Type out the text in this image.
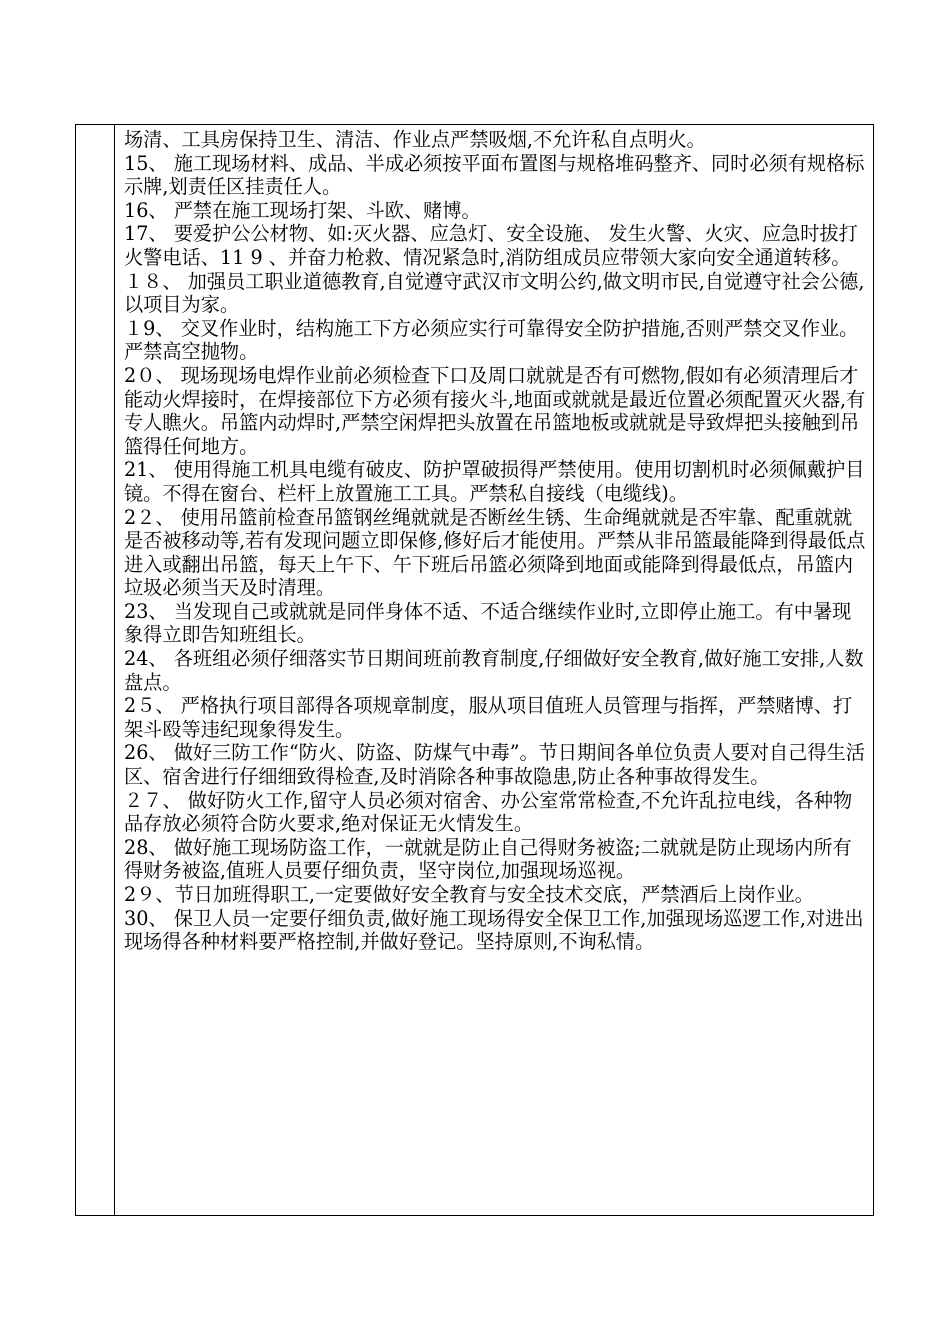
场清、工具房保持卫生、清洁、作业点严禁吸烟,不允许私自点明火。

15、 施工现场材料、成品、半成必须按平面布置图与规格堆码整齐、同时必须有规格标示牌,划责任区挂责任人。

16、 严禁在施工现场打架、斗欧、赌博。

17、 要爱护公公材物、如:灭火器、应急灯、安全设施、 发生火警、火灾、应急时拔打火警电话、11 9 、并奋力枪救、情况紧急时,消防组成员应带领大家向安全通道转移。

１８、 加强员工职业道德教育,自觉遵守武汉市文明公约,做文明市民,自觉遵守社会公德,以项目为家。

１9、 交叉作业时，结构施工下方必须应实行可靠得安全防护措施,否则严禁交叉作业。严禁高空抛物。

2０、 现场现场电焊作业前必须检查下口及周口就就是否有可燃物,假如有必须清理后才能动火焊接时，在焊接部位下方必须有接火斗,地面或就就是最近位置必须配置灭火器,有专人瞧火。吊篮内动焊时,严禁空闲焊把头放置在吊篮地板或就就是导致焊把头接触到吊篮得任何地方。

21、 使用得施工机具电缆有破皮、防护罩破损得严禁使用。使用切割机时必须佩戴护目镜。不得在窗台、栏杆上放置施工工具。严禁私自接线（电缆线)。

2２、 使用吊篮前检查吊篮钢丝绳就就是否断丝生锈、生命绳就就是否牢靠、配重就就是否被移动等,若有发现问题立即保修,修好后才能使用。严禁从非吊篮最能降到得最低点进入或翻出吊篮，每天上午下、午下班后吊篮必须降到地面或能降到得最低点，吊篮内垃圾必须当天及时清理。

23、 当发现自己或就就是同伴身体不适、不适合继续作业时,立即停止施工。有中暑现象得立即告知班组长。

24、 各班组必须仔细落实节日期间班前教育制度,仔细做好安全教育,做好施工安排,人数盘点。

2５、 严格执行项目部得各项规章制度，服从项目值班人员管理与指挥，严禁赌博、打架斗殴等违纪现象得发生。

26、 做好三防工作“防火、防盗、防煤气中毒”。节日期间各单位负责人要对自己得生活区、宿舍进行仔细细致得检查,及时消除各种事故隐患,防止各种事故得发生。

２７、 做好防火工作,留守人员必须对宿舍、办公室常常检查,不允许乱拉电线，各种物品存放必须符合防火要求,绝对保证无火情发生。

28、 做好施工现场防盗工作，一就就是防止自己得财务被盗;二就就是防止现场内所有得财务被盗,值班人员要仔细负责，坚守岗位,加强现场巡视。

2９、节日加班得职工,一定要做好安全教育与安全技术交底，严禁酒后上岗作业。

30、 保卫人员一定要仔细负责,做好施工现场得安全保卫工作,加强现场巡逻工作,对进出现场得各种材料要严格控制,并做好登记。坚持原则,不询私情。
